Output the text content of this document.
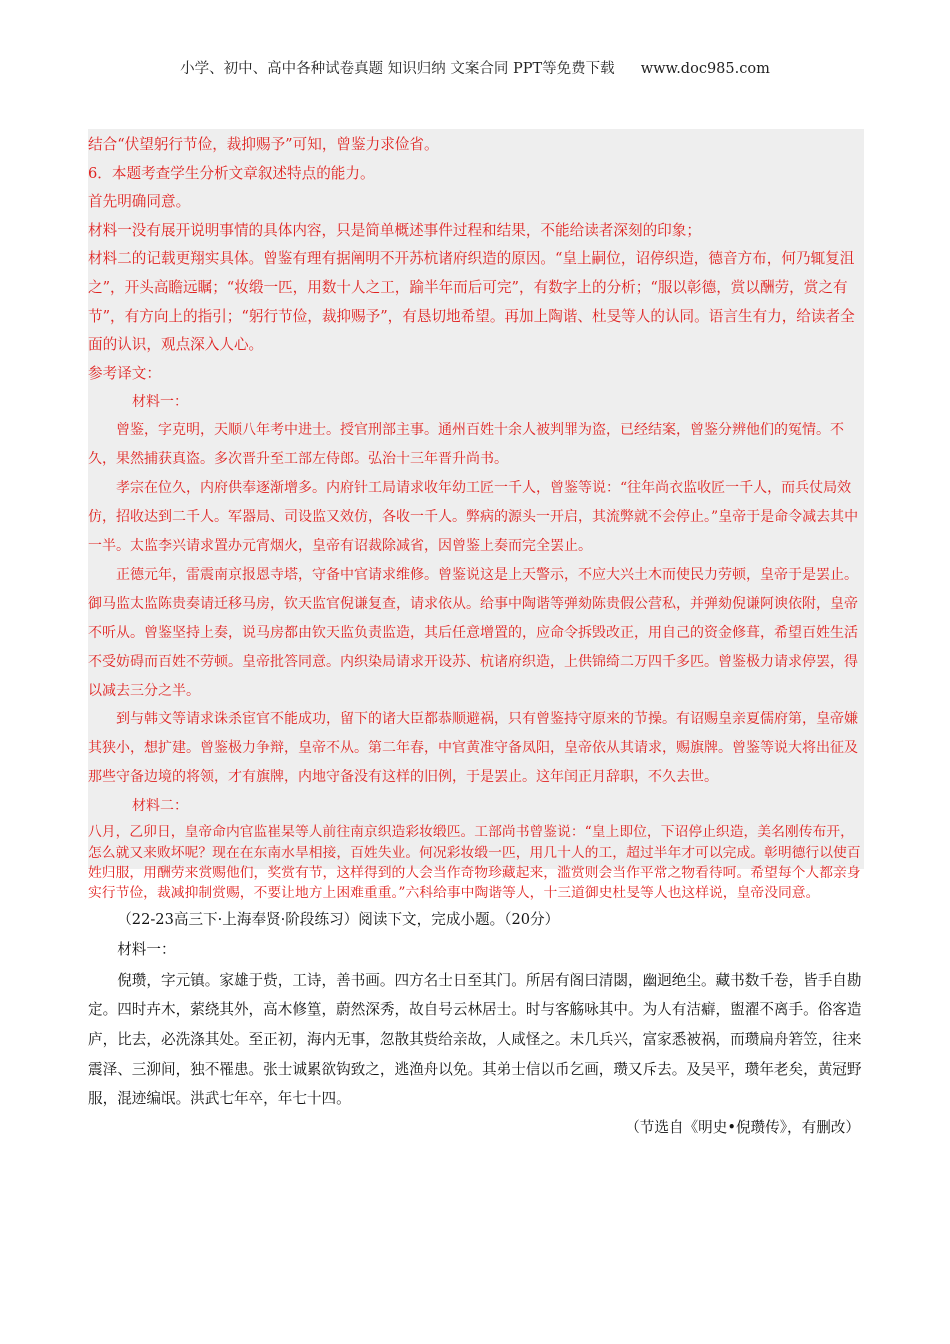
小学、初中、高中各种试卷真题 知识归纳 文案合同 PPT等免费下载 www.doc985.com
结合“伏望躬行节俭，裁抑赐予”可知，曾鉴力求俭省。
6．本题考查学生分析文章叙述特点的能力。
首先明确同意。
材料一没有展开说明事情的具体内容，只是简单概述事件过程和结果，不能给读者深刻的印象；
材料二的记载更翔实具体。曾鉴有理有据阐明不开苏杭诸府织造的原因。“皇上嗣位，诏停织造，德音方布，何乃辄复沮之”，开头高瞻远瞩；“妆缎一匹，用数十人之工，踰半年而后可完”，有数字上的分析；“服以彰德，赏以酬劳，赏之有节”，有方向上的指引；“躬行节俭，裁抑赐予”，有恳切地希望。再加上陶谐、杜旻等人的认同。语言生有力，给读者全面的认识，观点深入人心。
参考译文：
材料一：
曾鉴，字克明，天顺八年考中进士。授官刑部主事。通州百姓十余人被判罪为盗，已经结案，曾鉴分辨他们的冤情。不久，果然捕获真盗。多次晋升至工部左侍郎。弘治十三年晋升尚书。
孝宗在位久，内府供奉逐渐增多。内府针工局请求收年幼工匠一千人，曾鉴等说：“往年尚衣监收匠一千人，而兵仗局效仿，招收达到二千人。军器局、司设监又效仿，各收一千人。弊病的源头一开启，其流弊就不会停止。”皇帝于是命令减去其中一半。太监李兴请求置办元宵烟火，皇帝有诏裁除减省，因曾鉴上奏而完全罢止。
正德元年，雷震南京报恩寺塔，守备中官请求维修。曾鉴说这是上天警示，不应大兴土木而使民力劳顿，皇帝于是罢止。御马监太监陈贵奏请迁移马房，钦天监官倪谦复查，请求依从。给事中陶谐等弹劾陈贵假公营私，并弹劾倪谦阿谀依附，皇帝不听从。曾鉴坚持上奏，说马房都由钦天监负责监造，其后任意增置的，应命令拆毁改正，用自己的资金修葺，希望百姓生活不受妨碍而百姓不劳顿。皇帝批答同意。内织染局请求开设苏、杭诸府织造，上供锦绮二万四千多匹。曾鉴极力请求停罢，得以减去三分之半。
到与韩文等请求诛杀宦官不能成功，留下的诸大臣都恭顺避祸，只有曾鉴持守原来的节操。有诏赐皇亲夏儒府第，皇帝嫌其狭小，想扩建。曾鉴极力争辩，皇帝不从。第二年春，中官黄准守备凤阳，皇帝依从其请求，赐旗牌。曾鉴等说大将出征及那些守备边境的将领，才有旗牌，内地守备没有这样的旧例，于是罢止。这年闰正月辞职，不久去世。
材料二：
八月，乙卯日，皇帝命内官监崔杲等人前往南京织造彩妆缎匹。工部尚书曾鉴说：“皇上即位，下诏停止织造，美名刚传布开，怎么就又来败坏呢？现在在东南水旱相接，百姓失业。何况彩妆缎一匹，用几十人的工，超过半年才可以完成。彰明德行以使百姓归服，用酬劳来赏赐他们，奖赏有节，这样得到的人会当作奇物珍藏起来，滥赏则会当作平常之物看待呵。希望每个人都亲身实行节俭，裁减抑制赏赐，不要让地方上困难重重。”六科给事中陶谐等人，十三道御史杜旻等人也这样说，皇帝没同意。
（22-23高三下·上海奉贤·阶段练习）阅读下文，完成小题。（20分）
材料一：
倪瓒，字元镇。家雄于赀，工诗，善书画。四方名士日至其门。所居有阁曰清閟，幽迥绝尘。藏书数千卷，皆手自勘定。四时卉木，萦绕其外，高木修篁，蔚然深秀，故自号云林居士。时与客觞咏其中。为人有洁癖，盥濯不离手。俗客造庐，比去，必洗涤其处。至正初，海内无事，忽散其赀给亲故，人咸怪之。未几兵兴，富家悉被祸，而瓒扁舟箬笠，往来震泽、三泖间，独不罹患。张士诚累欲钩致之，逃渔舟以免。其弟士信以币乞画，瓒又斥去。及吴平，瓒年老矣，黄冠野服，混迹编氓。洪武七年卒，年七十四。
（节选自《明史•倪瓒传》，有删改）
